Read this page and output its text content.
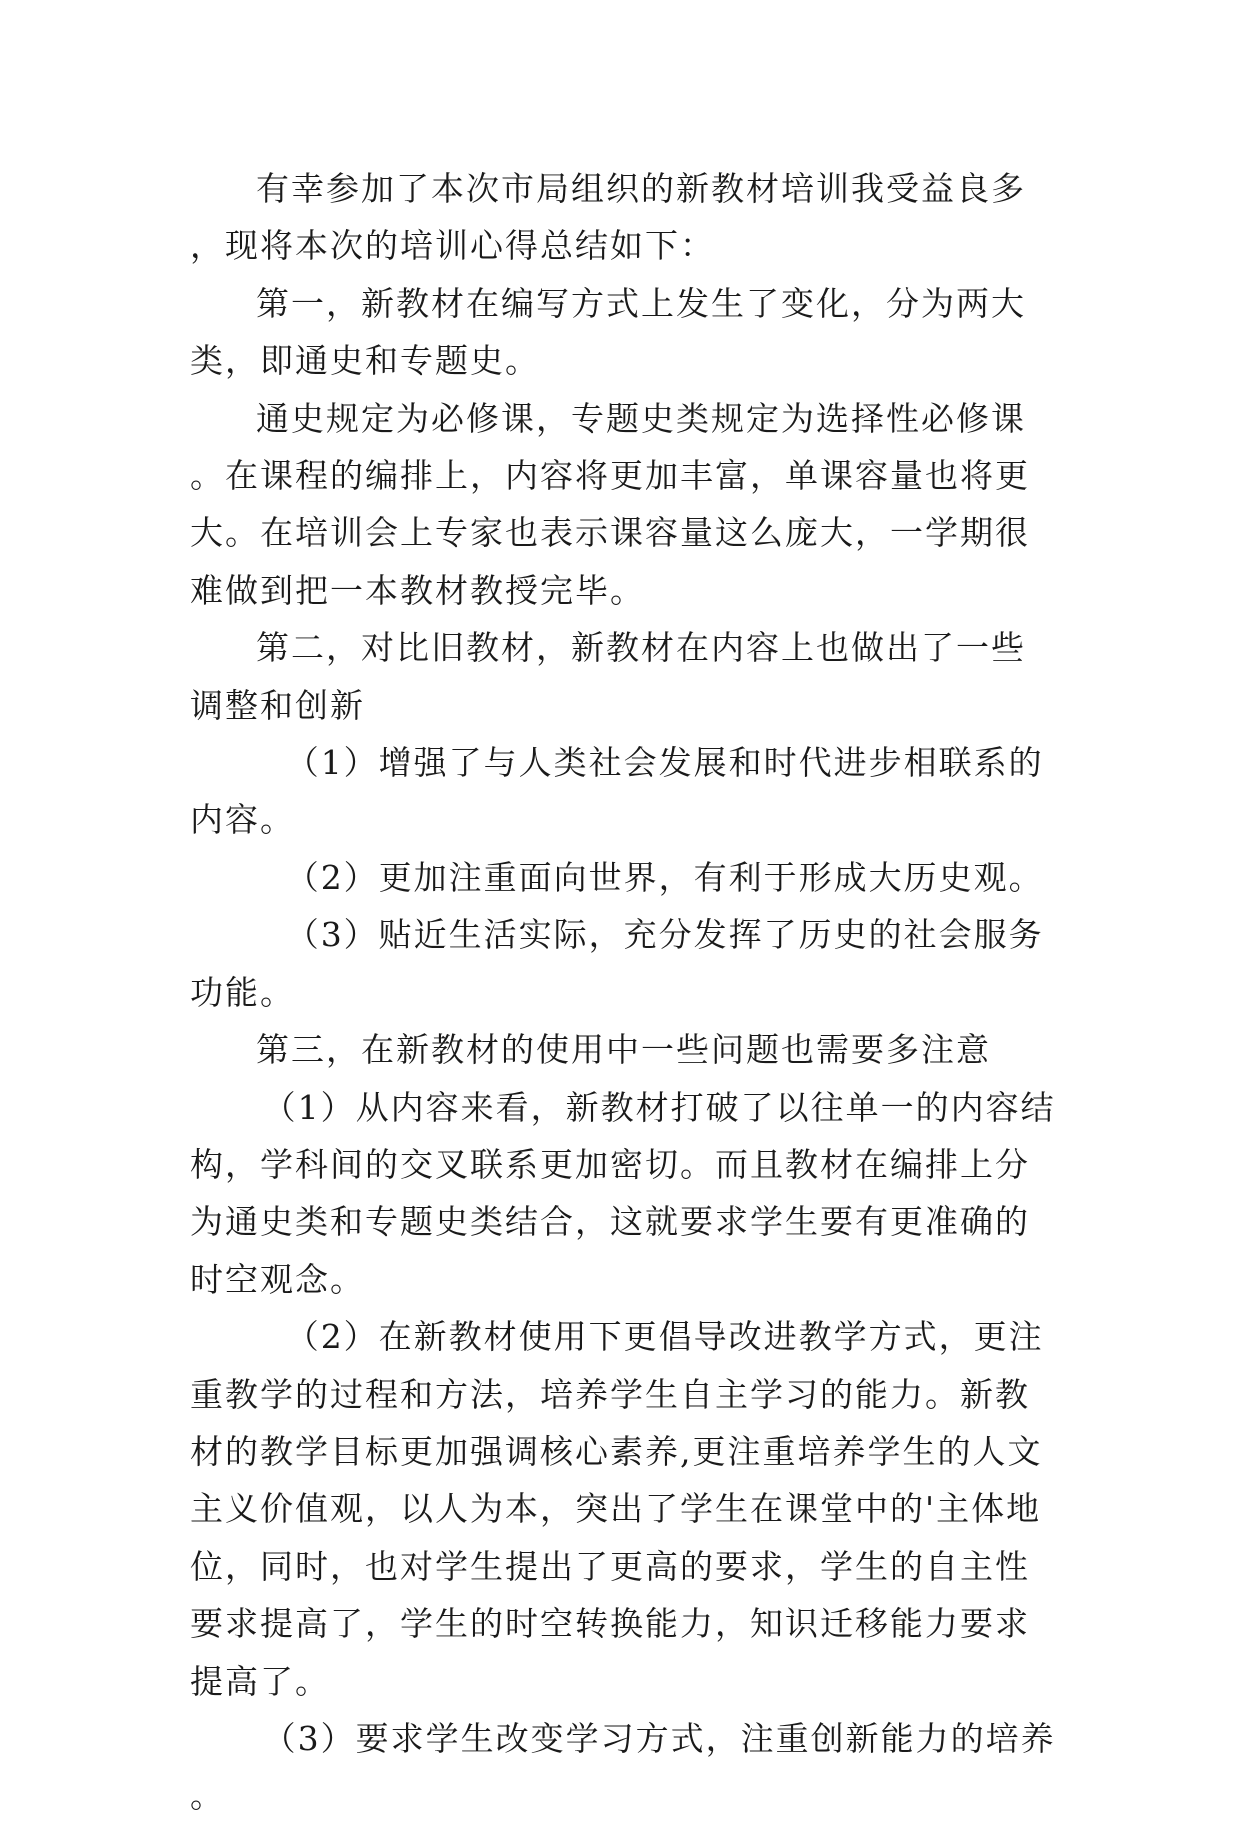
有幸参加了本次市局组织的新教材培训我受益良多，现将本次的培训心得总结如下：

第一，新教材在编写方式上发生了变化，分为两大类，即通史和专题史。

通史规定为必修课，专题史类规定为选择性必修课。在课程的编排上，内容将更加丰富，单课容量也将更大。在培训会上专家也表示课容量这么庞大，一学期很难做到把一本教材教授完毕。

第二，对比旧教材，新教材在内容上也做出了一些调整和创新

（1）增强了与人类社会发展和时代进步相联系的内容。

（2）更加注重面向世界，有利于形成大历史观。

（3）贴近生活实际，充分发挥了历史的社会服务功能。

第三，在新教材的使用中一些问题也需要多注意

（1）从内容来看，新教材打破了以往单一的内容结构，学科间的交叉联系更加密切。而且教材在编排上分为通史类和专题史类结合，这就要求学生要有更准确的时空观念。

（2）在新教材使用下更倡导改进教学方式，更注重教学的过程和方法，培养学生自主学习的能力。新教材的教学目标更加强调核心素养,更注重培养学生的人文主义价值观，以人为本，突出了学生在课堂中的'主体地位，同时，也对学生提出了更高的要求，学生的自主性要求提高了，学生的时空转换能力，知识迁移能力要求提高了。

（3）要求学生改变学习方式，注重创新能力的培养。
